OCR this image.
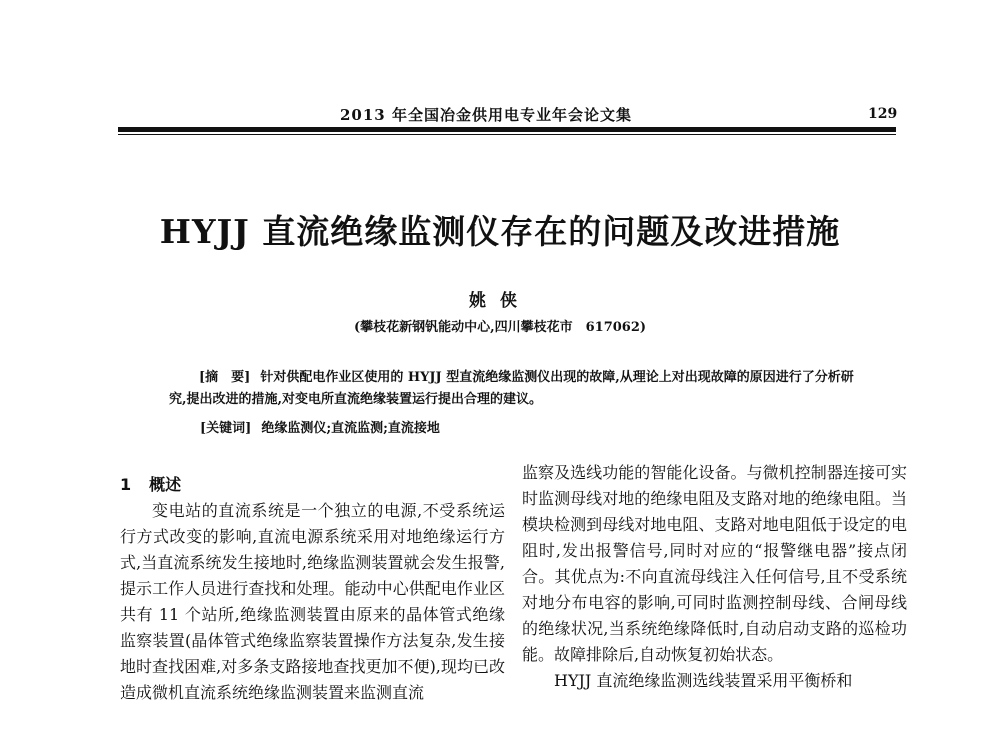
2013 年全国冶金供用电专业年会论文集	129
HYJJ 直流绝缘监测仪存在的问题及改进措施
姚侠
(攀枝花新钢钒能动中心,四川攀枝花市　617062)

[摘　要] 针对供配电作业区使用的 HYJJ 型直流绝缘监测仪出现的故障,从理论上对出现故障的原因进行了分析研究,提出改进的措施,对变电所直流绝缘装置运行提出合理的建议。

[关键词] 绝缘监测仪;直流监测;直流接地
1 概述

变电站的直流系统是一个独立的电源,不受系统运行方式改变的影响,直流电源系统采用对地绝缘运行方式,当直流系统发生接地时,绝缘监测装置就会发生报警,提示工作人员进行查找和处理。能动中心供配电作业区共有 11 个站所,绝缘监测装置由原来的晶体管式绝缘监察装置(晶体管式绝缘监察装置操作方法复杂,发生接地时查找困难,对多条支路接地查找更加不便),现均已改造成微机直流系统绝缘监测装置来监测直流

监察及选线功能的智能化设备。与微机控制器连接可实时监测母线对地的绝缘电阻及支路对地的绝缘电阻。当模块检测到母线对地电阻、支路对地电阻低于设定的电阻时,发出报警信号,同时对应的“报警继电器”接点闭合。其优点为:不向直流母线注入任何信号,且不受系统对地分布电容的影响,可同时监测控制母线、合闸母线的绝缘状况,当系统绝缘降低时,自动启动支路的巡检功能。故障排除后,自动恢复初始状态。

HYJJ 直流绝缘监测选线装置采用平衡桥和
